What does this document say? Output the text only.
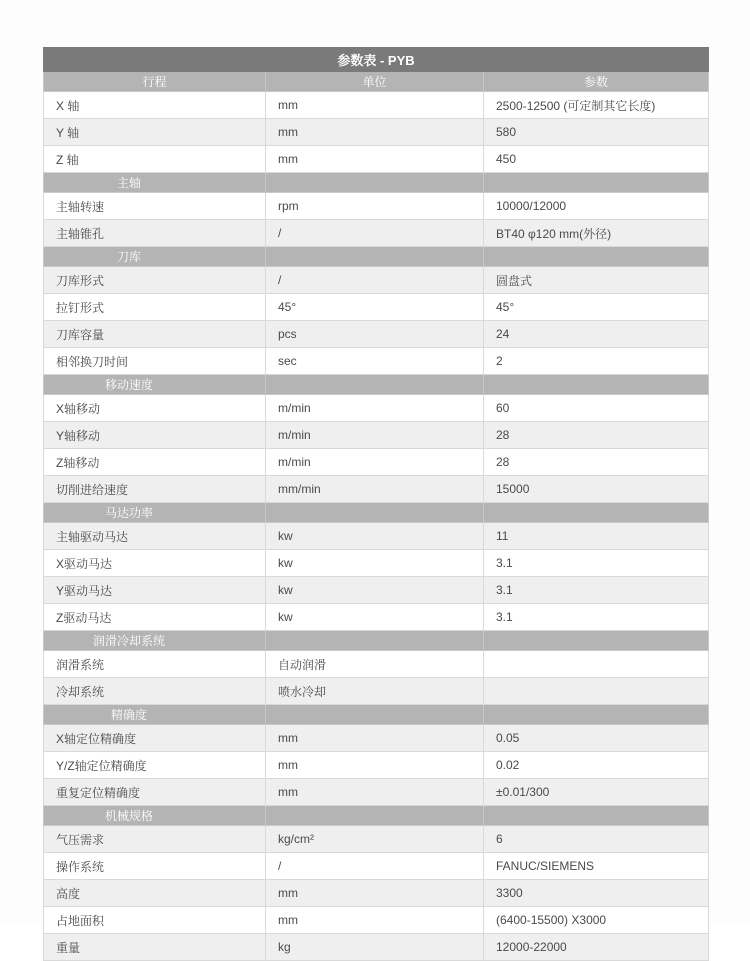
参数表 - PYB		
行程	单位	参数
X 轴	mm	2500-12500 (可定制其它长度)
Y 轴	mm	580
Z 轴	mm	450
主轴		
主轴转速	rpm	10000/12000
主轴锥孔	/	BT40 φ120 mm(外径)
刀库		
刀库形式	/	圆盘式
拉钉形式	45°	45°
刀库容量	pcs	24
相邻换刀时间	sec	2
移动速度		
X轴移动	m/min	60
Y轴移动	m/min	28
Z轴移动	m/min	28
切削进给速度	mm/min	15000
马达功率		
主轴驱动马达	kw	11
X驱动马达	kw	3.1
Y驱动马达	kw	3.1
Z驱动马达	kw	3.1
润滑冷却系统		
润滑系统	自动润滑	
冷却系统	喷水冷却	
精确度		
X轴定位精确度	mm	0.05
Y/Z轴定位精确度	mm	0.02
重复定位精确度	mm	±0.01/300
机械规格		
气压需求	kg/cm²	6
操作系统	/	FANUC/SIEMENS
高度	mm	3300
占地面积	mm	(6400-15500) X3000
重量	kg	12000-22000
